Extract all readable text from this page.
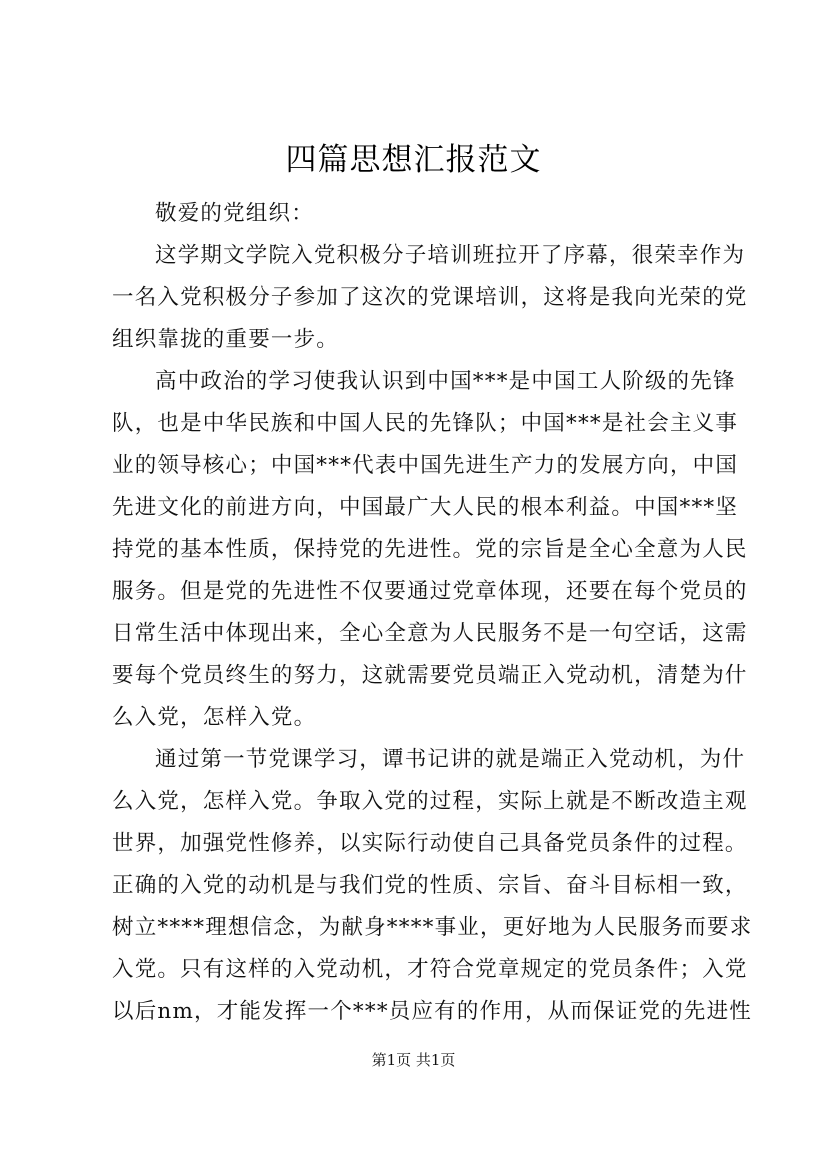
四篇思想汇报范文
敬爱的党组织：
这学期文学院入党积极分子培训班拉开了序幕，很荣幸作为
一名入党积极分子参加了这次的党课培训，这将是我向光荣的党
组织靠拢的重要一步。
高中政治的学习使我认识到中国***是中国工人阶级的先锋
队，也是中华民族和中国人民的先锋队；中国***是社会主义事
业的领导核心；中国***代表中国先进生产力的发展方向，中国
先进文化的前进方向，中国最广大人民的根本利益。中国***坚
持党的基本性质，保持党的先进性。党的宗旨是全心全意为人民
服务。但是党的先进性不仅要通过党章体现，还要在每个党员的
日常生活中体现出来，全心全意为人民服务不是一句空话，这需
要每个党员终生的努力，这就需要党员端正入党动机，清楚为什
么入党，怎样入党。
通过第一节党课学习，谭书记讲的就是端正入党动机，为什
么入党，怎样入党。争取入党的过程，实际上就是不断改造主观
世界，加强党性修养，以实际行动使自己具备党员条件的过程。
正确的入党的动机是与我们党的性质、宗旨、奋斗目标相一致，
树立****理想信念，为献身****事业，更好地为人民服务而要求
入党。只有这样的入党动机，才符合党章规定的党员条件；入党
以后nm，才能发挥一个***员应有的作用，从而保证党的先进性
第1页 共1页
